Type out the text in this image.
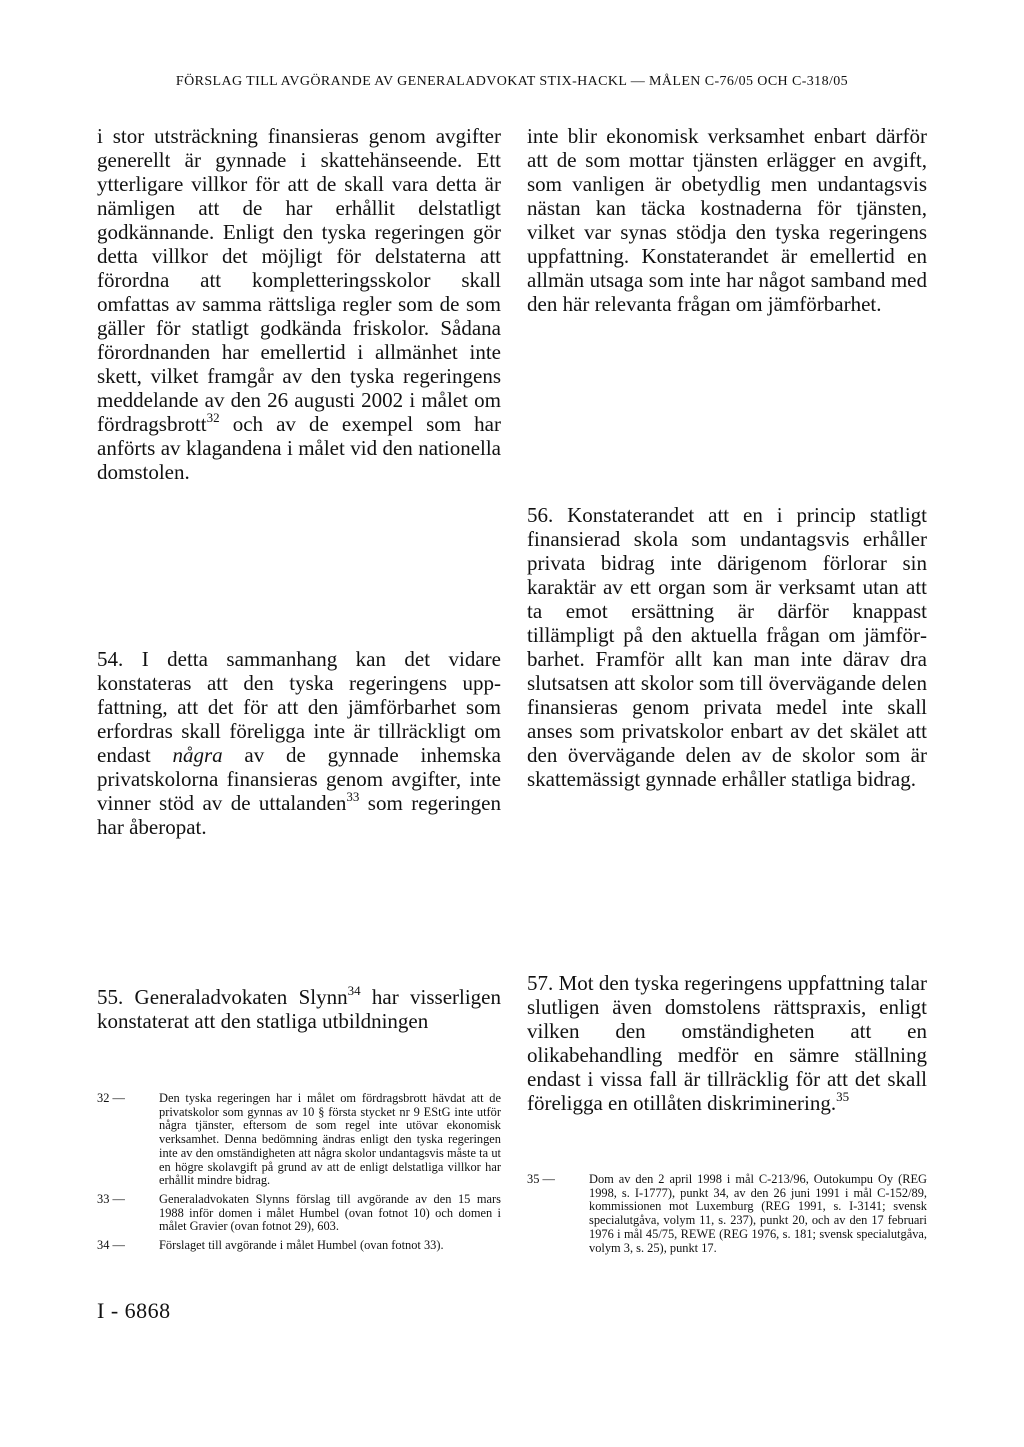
FÖRSLAG TILL AVGÖRANDE AV GENERALADVOKAT STIX-HACKL — MÅLEN C-76/05 OCH C-318/05

i stor utsträckning finansieras genom avgifter generellt är gynnade i skattehänseende. Ett ytterligare villkor för att de skall vara detta är nämligen att de har erhållit delstatligt godkännande. Enligt den tyska regeringen gör detta villkor det möjligt för delstaterna att förordna att kompletteringsskolor skall omfattas av samma rättsliga regler som de som gäller för statligt godkända friskolor. Sådana förordnanden har emellertid i allmänhet inte skett, vilket framgår av den tyska regeringens meddelande av den 26 augusti 2002 i målet om fördragsbrott$^{32}$ och av de exempel som har anförts av klagandena i målet vid den nationella domstolen.

54. I detta sammanhang kan det vidare konstateras att den tyska regeringens uppfattning, att det för att den jämförbarhet som erfordras skall föreligga inte är tillräckligt om endast några av de gynnade inhemska privatskolorna finansieras genom avgifter, inte vinner stöd av de uttalanden$^{33}$ som regeringen har åberopat.

55. Generaladvokaten Slynn$^{34}$ har visserligen konstaterat att den statliga utbildningen

32 —	Den tyska regeringen har i målet om fördragsbrott hävdat att de privatskolor som gynnas av 10 § första stycket nr 9 EStG inte utför några tjänster, eftersom de som regel inte utövar ekonomisk verksamhet. Denna bedömning ändras enligt den tyska regeringen inte av den omständigheten att några skolor undantagsvis måste ta ut en högre skolavgift på grund av att de enligt delstatliga villkor har erhållit mindre bidrag.
33 —	Generaladvokaten Slynns förslag till avgörande av den 15 mars 1988 inför domen i målet Humbel (ovan fotnot 10) och domen i målet Gravier (ovan fotnot 29), 603.
34 —	Förslaget till avgörande i målet Humbel (ovan fotnot 33).

inte blir ekonomisk verksamhet enbart därför att de som mottar tjänsten erlägger en avgift, som vanligen är obetydlig men undantagsvis nästan kan täcka kostnaderna för tjänsten, vilket var synas stödja den tyska regeringens uppfattning. Konstaterandet är emellertid en allmän utsaga som inte har något samband med den här relevanta frågan om jämförbarhet.

56. Konstaterandet att en i princip statligt finansierad skola som undantagsvis erhåller privata bidrag inte därigenom förlorar sin karaktär av ett organ som är verksamt utan att ta emot ersättning är därför knappast tillämpligt på den aktuella frågan om jämförbarhet. Framför allt kan man inte därav dra slutsatsen att skolor som till övervägande delen finansieras genom privata medel inte skall anses som privatskolor enbart av det skälet att den övervägande delen av de skolor som är skattemässigt gynnade erhåller statliga bidrag.

57. Mot den tyska regeringens uppfattning talar slutligen även domstolens rättspraxis, enligt vilken den omständigheten att en olikabehandling medför en sämre ställning endast i vissa fall är tillräcklig för att det skall föreligga en otillåten diskriminering.$^{35}$

35 —	Dom av den 2 april 1998 i mål C-213/96, Outokumpu Oy (REG 1998, s. I-1777), punkt 34, av den 26 juni 1991 i mål C-152/89, kommissionen mot Luxemburg (REG 1991, s. I-3141; svensk specialutgåva, volym 11, s. 237), punkt 20, och av den 17 februari 1976 i mål 45/75, REWE (REG 1976, s. 181; svensk specialutgåva, volym 3, s. 25), punkt 17.
I - 6868
